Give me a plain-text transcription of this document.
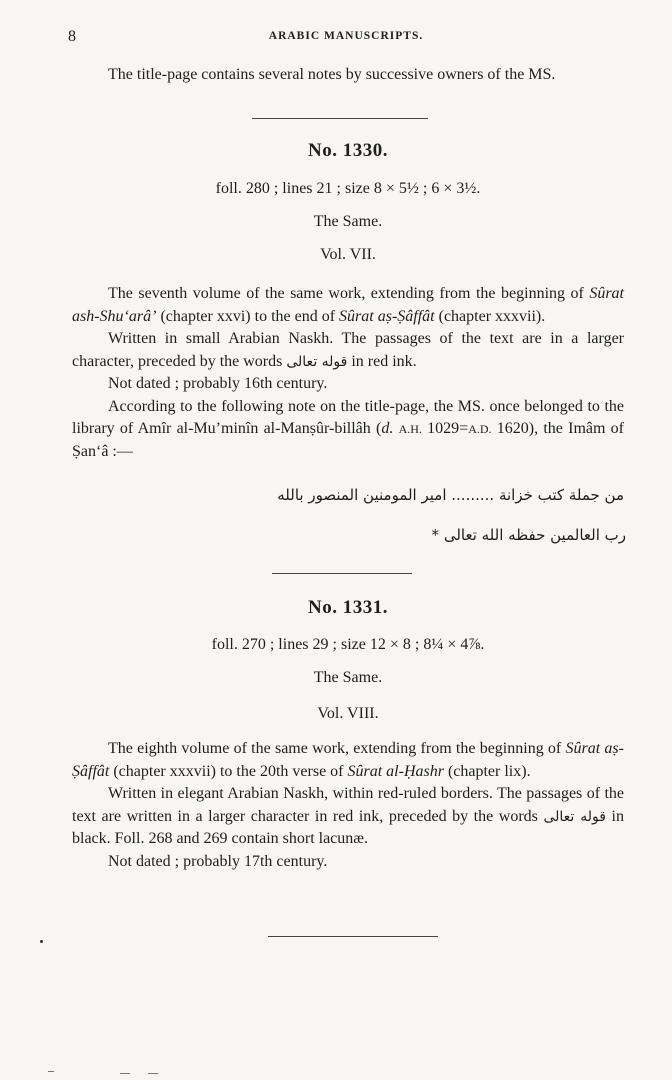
8	ARABIC MANUSCRIPTS.

The title-page contains several notes by successive owners of the MS.

No. 1330.
foll. 280 ; lines 21 ; size 8 × 5½ ; 6 × 3½.
The Same.
Vol. VII.

The seventh volume of the same work, extending from the beginning of Sûrat ash-Shu‘arâ’ (chapter xxvi) to the end of Sûrat aṣ-Ṣâffât (chapter xxxvii).

Written in small Arabian Naskh. The passages of the text are in a larger character, preceded by the words قوله تعالى in red ink.

Not dated ; probably 16th century.

According to the following note on the title-page, the MS. once belonged to the library of Amîr al-Mu’minîn al-Manṣûr-billâh (d. A.H. 1029=A.D. 1620), the Imâm of Ṣan‘â :—

من جملة كتب خزانة ......... امير المومنين المنصور بالله
رب العالمين حفظه الله تعالى *
No. 1331.
foll. 270 ; lines 29 ; size 12 × 8 ; 8¼ × 4⅞.
The Same.
Vol. VIII.

The eighth volume of the same work, extending from the beginning of Sûrat aṣ-Ṣâffât (chapter xxxvii) to the 20th verse of Sûrat al-Ḥashr (chapter lix).

Written in elegant Arabian Naskh, within red-ruled borders. The passages of the text are written in a larger character in red ink, preceded by the words قوله تعالى in black. Foll. 268 and 269 contain short lacunæ.

Not dated ; probably 17th century.
